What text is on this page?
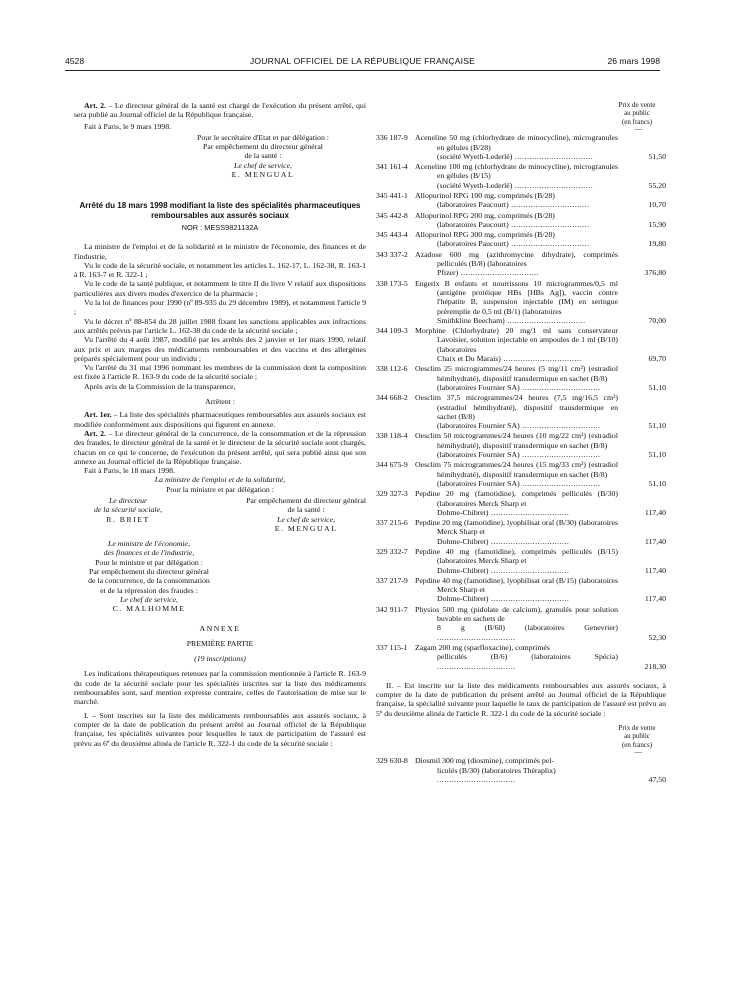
4528	JOURNAL OFFICIEL DE LA RÉPUBLIQUE FRANÇAISE	26 mars 1998

Art. 2. – Le directeur général de la santé est chargé de l'exécution du présent arrêté, qui sera publié au Journal officiel de la République française.

Fait à Paris, le 9 mars 1998.

Pour le secrétaire d'Etat et par délégation :

Par empêchement du directeur général

de la santé :

Le chef de service,

E. MENGUAL

Arrêté du 18 mars 1998 modifiant la liste des spécialités pharmaceutiques remboursables aux assurés sociaux

NOR : MESS9821132A

La ministre de l'emploi et de la solidarité et le ministre de l'économie, des finances et de l'industrie,

Vu le code de la sécurité sociale, et notamment les articles L. 162-17, L. 162-38, R. 163-1 à R. 163-7 et R. 322-1 ;

Vu le code de la santé publique, et notamment le titre II du livre V relatif aux dispositions particulières aux divers modes d'exercice de la pharmacie ;

Vu la loi de finances pour 1990 (nº 89-935 du 29 décembre 1989), et notamment l'article 9 ;

Vu le décret nº 88-854 du 28 juillet 1988 fixant les sanctions applicables aux infractions aux arrêtés prévus par l'article L. 162-38 du code de la sécurité sociale ;

Vu l'arrêté du 4 août 1987, modifié par les arrêtés des 2 janvier et 1er mars 1990, relatif aux prix et aux marges des médicaments remboursables et des vaccins et des allergènes préparés spécialement pour un individu ;

Vu l'arrêté du 31 mai 1996 nommant les membres de la commission dont la composition est fixée à l'article R. 163-9 du code de la sécurité sociale ;

Après avis de la Commission de la transparence,

Arrêtent :

Art. 1er. – La liste des spécialités pharmaceutiques remboursables aux assurés sociaux est modifiée conformément aux dispositions qui figurent en annexe.

Art. 2. – Le directeur général de la concurrence, de la consommation et de la répression des fraudes, le directeur général de la santé et le directeur de la sécurité sociale sont chargés, chacun en ce qui le concerne, de l'exécution du présent arrêté, qui sera publié ainsi que son annexe au Journal officiel de la République française.

Fait à Paris, le 18 mars 1998.

La ministre de l'emploi et de la solidarité,

Pour la ministre et par délégation :

Le directeur

de la sécurité sociale,

R. BRIET

Par empêchement du directeur général

de la santé :

Le chef de service,

E. MENGUAL

Le ministre de l'économie,

des finances et de l'industrie,

Pour le ministre et par délégation :

Par empêchement du directeur général

de la concurrence, de la consommation

et de la répression des fraudes :

Le chef de service,

C. MALHOMME

ANNEXE

PREMIÈRE PARTIE

(19 inscriptions)

Les indications thérapeutiques retenues par la commission mentionnée à l'article R. 163-9 du code de la sécurité sociale pour les spécialités inscrites sur la liste des médicaments remboursables sont, sauf mention expresse contraire, celles de l'autorisation de mise sur le marché.

I. – Sont inscrites sur la liste des médicaments remboursables aux assurés sociaux, à compter de la date de publication du présent arrêté au Journal officiel de la République française, les spécialités suivantes pour lesquelles le taux de participation de l'assuré est prévu au 6º du deuxième alinéa de l'article R. 322-1 du code de la sécurité sociale :

Prix de vente
au public
(en francs)

—

336 187-9 Aceneline 50 mg (chlorhydrate de minocycline), microgranules en gélules (B/28)
(société Wyeth-Lederlé) .....	51,50
341 161-4 Aceneline 100 mg (chlorhydrate de minocycline), microgranules en gélules (B/15)
(société Wyeth-Lederlé) .....	55,20
345 441-1 Allopurinol RPG 100 mg, comprimés (B/28)
(laboratoires Paucourt) .....	10,70
345 442-8 Allopurinol RPG 200 mg, comprimés (B/28)
(laboratoires Paucourt) .....	15,90
345 443-4 Allopurinol RPG 300 mg, comprimés (B/28)
(laboratoires Paucourt) .....	19,80
343 337-2 Azadose 600 mg (azithromycine dihydrate), comprimés pelliculés (B/8) (laboratoires
Pfizer) .....	376,80
338 173-5 Engerix B enfants et nourrissons 10 microgrammes/0,5 ml (antigène protéique HBs [HBs Ag]), vaccin contre l'hépatite B, suspension injectable (IM) en seringue préremplie de 0,5 ml (B/1) (laboratoires
Smithkline Beecham) .....	70,00
344 109-3 Morphine (Chlorhydrate) 20 mg/1 ml sans conservateur Lavoisier, solution injectable en ampoules de 1 ml (B/10) (laboratoires
Chaix et Du Marais) .....	69,70
338 112-6 Oesclim 25 microgrammes/24 heures (5 mg/11 cm²) (estradiol hémihydraté), dispositif transdermique en sachet (B/8)
(laboratoires Fournier SA) .....	51,10
344 668-2 Oesclim 37,5 microgrammes/24 heures (7,5 mg/16,5 cm²) (estradiol hémihydraté), dispositif transdermique en sachet (B/8)
(laboratoires Fournier SA) .....	51,10
338 118-4 Oesclim 50 microgrammes/24 heures (10 mg/22 cm²) (estradiol hémihydraté), dispositif transdermique en sachet (B/8)
(laboratoires Fournier SA) .....	51,10
344 675-9 Oesclim 75 microgrammes/24 heures (15 mg/33 cm²) (estradiol hémihydraté), dispositif transdermique en sachet (B/8)
(laboratoires Fournier SA) .....	51,10
329 327-3 Pepdine 20 mg (famotidine), comprimés pelliculés (B/30) (laboratoires Merck Sharp et
Dohme-Chibret) .....	117,40
337 215-6 Pepdine 20 mg (famotidine), lyophilisat oral (B/30) (laboratoires Merck Sharp et
Dohme-Chibret) .....	117,40
329 332-7 Pepdine 40 mg (famotidine), comprimés pelliculés (B/15) (laboratoires Merck Sharp et
Dohme-Chibret) .....	117,40
337 217-9 Pepdine 40 mg (famotidine), lyophilisat oral (B/15) (laboratoires Merck Sharp et
Dohme-Chibret) .....	117,40
342 911-7 Physios 500 mg (pidolate de calcium), granulés pour solution buvable en sachets de
8 g (B/60) (laboratoires Genevrier) .....
52,30
337 115-1 Zagam 200 mg (sparfloxacine), comprimés
pelliculés (B/6) (laboratoires Spécia) .....
218,30

II. – Est inscrite sur la liste des médicaments remboursables aux assurés sociaux, à compter de la date de publication du présent arrêté au Journal officiel de la République française, la spécialité suivante pour laquelle le taux de participation de l'assuré est prévu au 5º du deuxième alinéa de l'article R. 322-1 du code de la sécurité sociale :

Prix de vente
au public
(en francs)

—

329 630-8 Diosmil 300 mg (diosmine), comprimés pel-
liculés (B/30) (laboratoires Théraplix) .....
47,50
